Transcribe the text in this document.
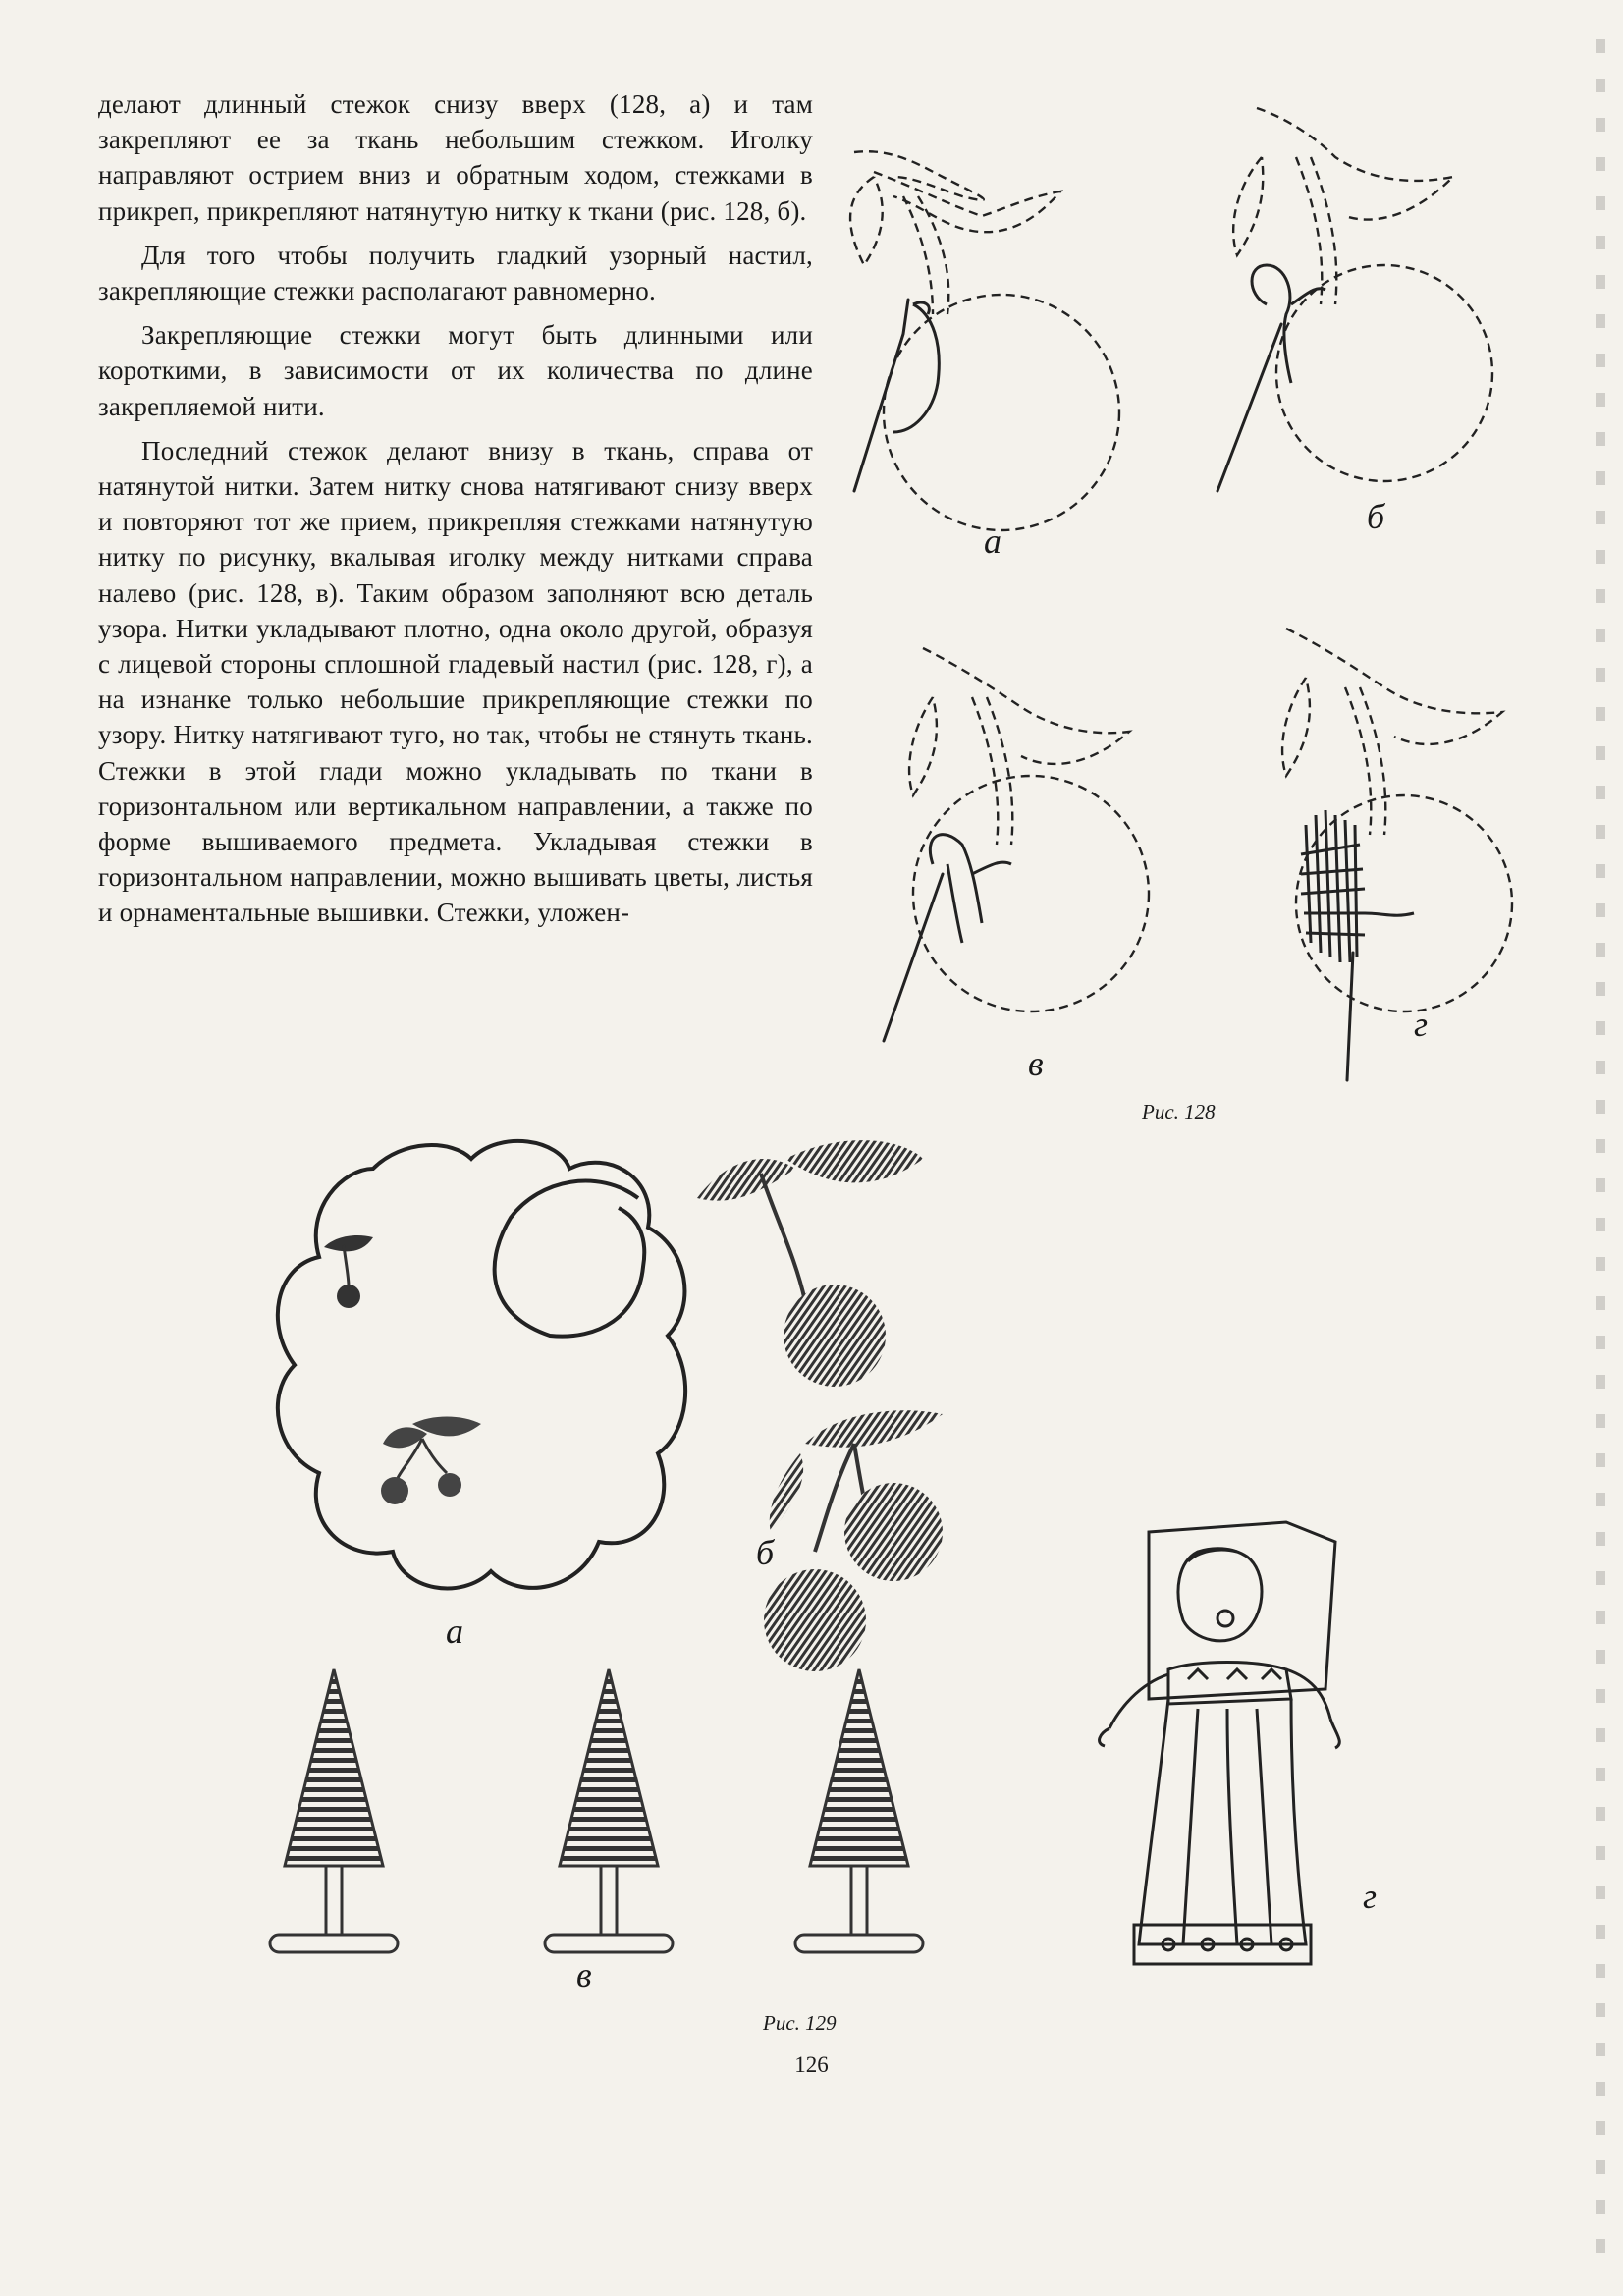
делают длинный стежок снизу вверх (128, а) и там закрепляют ее за ткань небольшим стежком. Иголку направляют острием вниз и обратным ходом, стежками в прикреп, прикрепляют натянутую нитку к ткани (рис. 128, б).

Для того чтобы получить гладкий узорный настил, закрепляющие стежки располагают равномерно.

Закрепляющие стежки могут быть длинными или короткими, в зависимости от их количества по длине закрепляемой нити.

Последний стежок делают внизу в ткань, справа от натянутой нитки. Затем нитку снова натягивают снизу вверх и повторяют тот же прием, прикрепляя стежками натянутую нитку по рисунку, вкалывая иголку между нитками справа налево (рис. 128, в). Таким образом заполняют всю деталь узора. Нитки укладывают плотно, одна около другой, образуя с лицевой стороны сплошной гладевый настил (рис. 128, г), а на изнанке только небольшие прикрепляющие стежки по узору. Нитку натягивают туго, но так, чтобы не стянуть ткань. Стежки в этой глади можно укладывать по ткани в горизонтальном или вертикальном направлении, а также по форме вышиваемого предмета. Укладывая стежки в горизонтальном направлении, можно вышивать цветы, листья и орнаментальные вышивки. Стежки, уложен-

а
б
в
г
Рис. 128
а
б
в
г
Рис. 129
126
